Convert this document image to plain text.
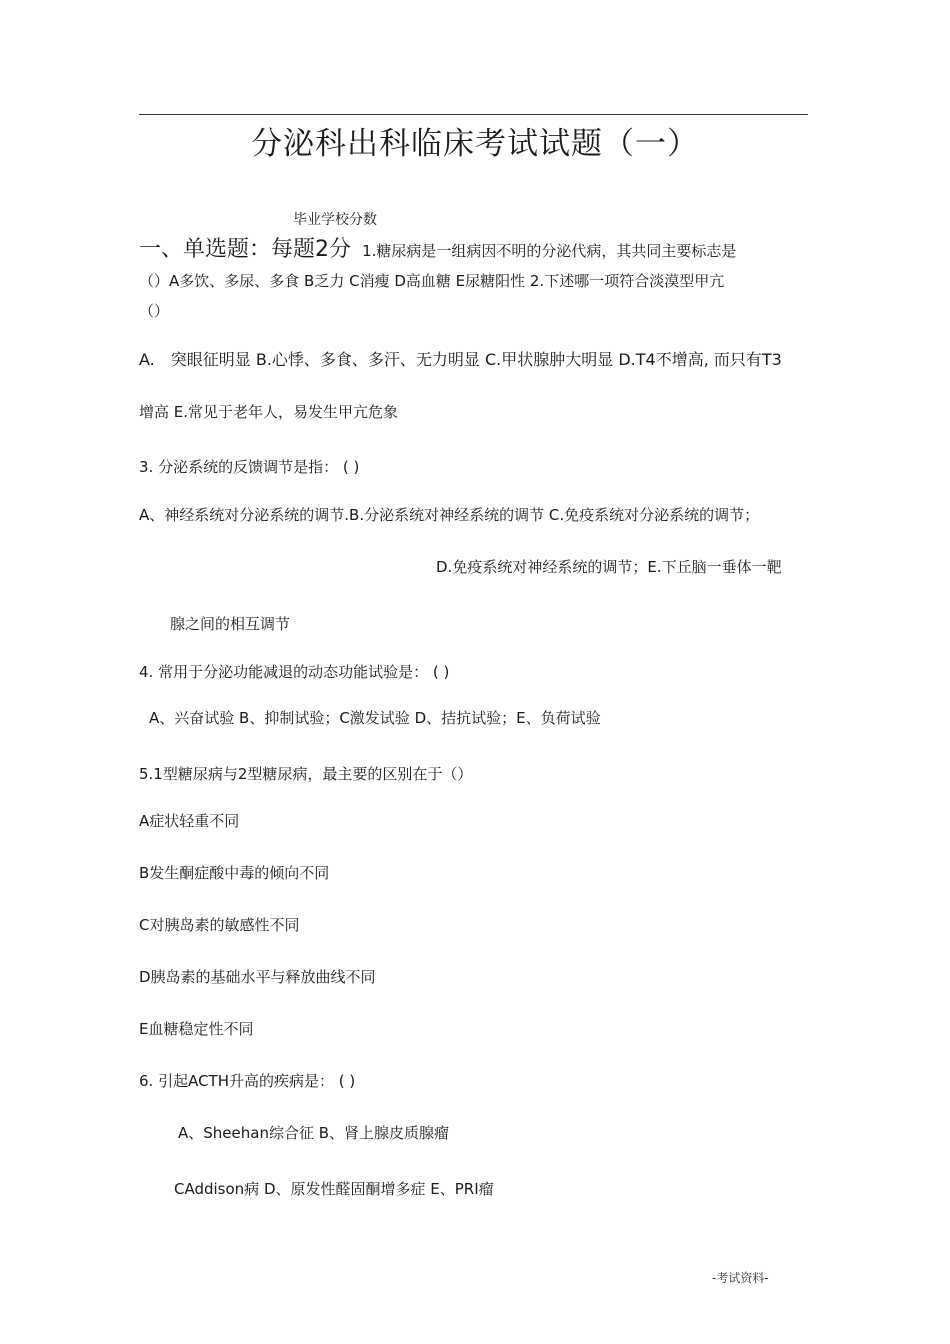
分泌科出科临床考试试题（一）
毕业学校分数
一、单选题：每题2分 1.糖尿病是一组病因不明的分泌代病，其共同主要标志是
（）A多饮、多尿、多食 B乏力 C消瘦 D高血糖 E尿糖阳性 2.下述哪一项符合淡漠型甲亢
（）
A.　突眼征明显 B.心悸、多食、多汗、无力明显 C.甲状腺肿大明显 D.T4不增高, 而只有T3
增高 E.常见于老年人，易发生甲亢危象
3. 分泌系统的反馈调节是指： ( )
A、神经系统对分泌系统的调节.B.分泌系统对神经系统的调节 C.免疫系统对分泌系统的调节；
D.免疫系统对神经系统的调节；E.下丘脑一垂体一靶
腺之间的相互调节
4. 常用于分泌功能减退的动态功能试验是： ( )
A、兴奋试验 B、抑制试验；C激发试验 D、拮抗试验；E、负荷试验
5.1型糖尿病与2型糖尿病，最主要的区别在于（）
A症状轻重不同
B发生酮症酸中毒的倾向不同
C对胰岛素的敏感性不同
D胰岛素的基础水平与释放曲线不同
E血糖稳定性不同
6. 引起ACTH升高的疾病是： ( )
A、Sheehan综合征 B、肾上腺皮质腺瘤
CAddison病 D、原发性醛固酮增多症 E、PRI瘤
-考试资料-
